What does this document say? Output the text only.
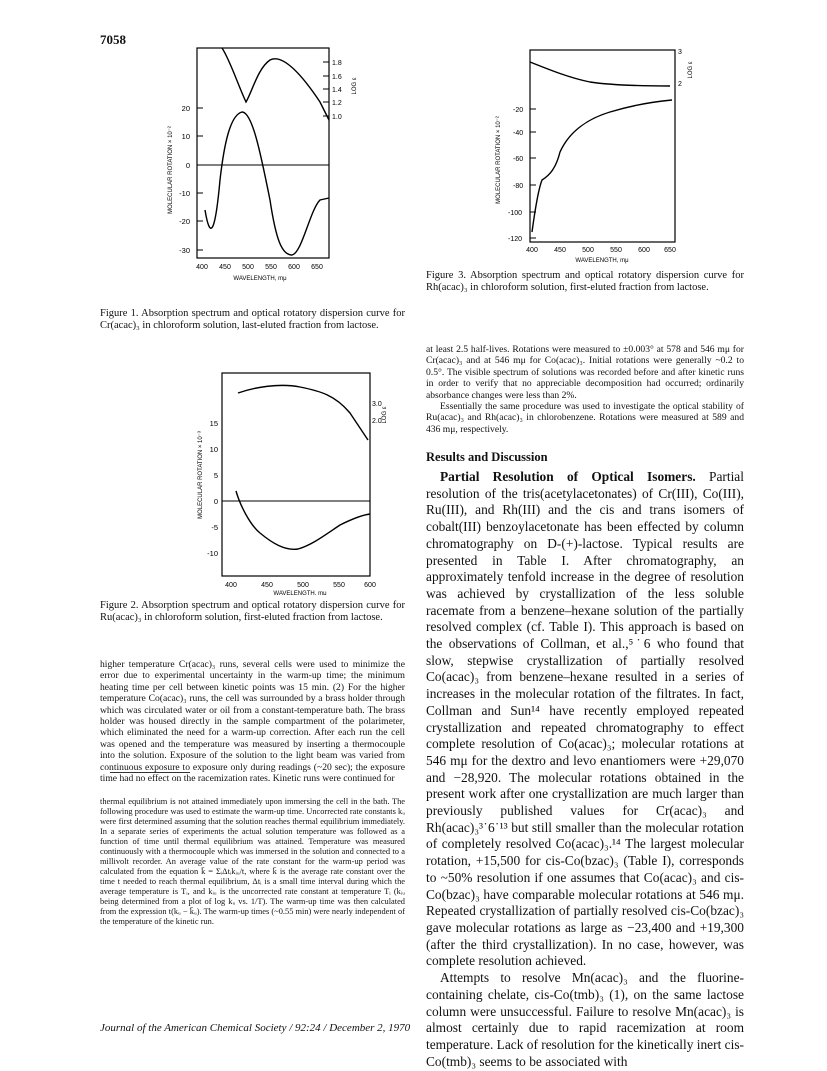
7058
20
10
0
-10
-20
-30
1.8
1.6
1.4
1.2
1.0
LOG ε
MOLECULAR ROTATION × 10⁻²
400 450 500 550 600 650
WAVELENGTH, mμ
Figure 1. Absorption spectrum and optical rotatory dispersion curve for Cr(acac)₃ in chloroform solution, last-eluted fraction from lactose.
15
10
5
0
-5
-10
3.0
2.0 LOG ε
MOLECULAR ROTATION × 10⁻³
400	450	500	550	600
WAVELENGTH, mμ
Figure 2. Absorption spectrum and optical rotatory dispersion curve for Ru(acac)₃ in chloroform solution, first-eluted fraction from lactose.
higher temperature Cr(acac)₃ runs, several cells were used to minimize the error due to experimental uncertainty in the warm-up time; the minimum heating time per cell between kinetic points was 15 min. (2) For the higher temperature Co(acac)₃ runs, the cell was surrounded by a brass holder through which was circulated water or oil from a constant-temperature bath. The brass holder was housed directly in the sample compartment of the polarimeter, which eliminated the need for a warm-up correction. After each run the cell was opened and the temperature was measured by inserting a thermocouple into the solution. Exposure of the solution to the light beam was varied from continuous exposure to exposure only during readings (~20 sec); the exposure time had no effect on the racemization rates. Kinetic runs were continued for
thermal equilibrium is not attained immediately upon immersing the cell in the bath. The following procedure was used to estimate the warm-up time. Uncorrected rate constants kᵤ were first determined assuming that the solution reaches thermal equilibrium immediately. In a separate series of experiments the actual solution temperature was followed as a function of time until thermal equilibrium was attained. Temperature was measured continuously with a thermocouple which was immersed in the solution and connected to a millivolt recorder. An average value of the rate constant for the warm-up period was calculated from the equation k̄ = ΣᵢΔtᵢkᵢᵤ/t, where k̄ is the average rate constant over the time t needed to reach thermal equilibrium, Δtᵢ is a small time interval during which the average temperature is Tᵢ, and kᵢᵤ is the uncorrected rate constant at temperature Tᵢ (kᵢᵤ being determined from a plot of log kᵤ vs. 1/T). The warm-up time was then calculated from the expression t(kᵤ − k̄ᵤ). The warm-up times (~0.55 min) were nearly independent of the temperature of the kinetic run.
-20
-40
-60
-80
-100
-120
3
2
LOG ε
MOLECULAR ROTATION × 10⁻²
400 450 500 550 600 650
WAVELENGTH, mμ
Figure 3. Absorption spectrum and optical rotatory dispersion curve for Rh(acac)₃ in chloroform solution, first-eluted fraction from lactose.

at least 2.5 half-lives. Rotations were measured to ±0.003° at 578 and 546 mμ for Cr(acac)₃ and at 546 mμ for Co(acac)₃. Initial rotations were generally ~0.2 to 0.5°. The visible spectrum of solutions was recorded before and after kinetic runs in order to verify that no appreciable decomposition had occurred; ordinarily absorbance changes were less than 2%.

Essentially the same procedure was used to investigate the optical stability of Ru(acac)₃ and Rh(acac)₃ in chlorobenzene. Rotations were measured at 589 and 436 mμ, respectively.

Results and Discussion

Partial Resolution of Optical Isomers. Partial resolution of the tris(acetylacetonates) of Cr(III), Co(III), Ru(III), and Rh(III) and the cis and trans isomers of cobalt(III) benzoylacetonate has been effected by column chromatography on D-(+)-lactose. Typical results are presented in Table I. After chromatography, an approximately tenfold increase in the degree of resolution was achieved by crystallization of the less soluble racemate from a benzene–hexane solution of the partially resolved complex (cf. Table I). This approach is based on the observations of Collman, et al.,⁵˙6 who found that slow, stepwise crystallization of partially resolved Co(acac)₃ from benzene–hexane resulted in a series of increases in the molecular rotation of the filtrates. In fact, Collman and Sun¹⁴ have recently employed repeated crystallization and repeated chromatography to effect complete resolution of Co(acac)₃; molecular rotations at 546 mμ for the dextro and levo enantiomers were +29,070 and −28,920. The molecular rotations obtained in the present work after one crystallization are much larger than previously published values for Cr(acac)₃ and Rh(acac)₃³˙6˙¹³ but still smaller than the molecular rotation of completely resolved Co(acac)₃.¹⁴ The largest molecular rotation, +15,500 for cis-Co(bzac)₃ (Table I), corresponds to ~50% resolution if one assumes that Co(acac)₃ and cis-Co(bzac)₃ have comparable molecular rotations at 546 mμ. Repeated crystallization of partially resolved cis-Co(bzac)₃ gave molecular rotations as large as −23,400 and +19,300 (after the third crystallization). In no case, however, was complete resolution achieved.

Attempts to resolve Mn(acac)₃ and the fluorine-containing chelate, cis-Co(tmb)₃ (1), on the same lactose column were unsuccessful. Failure to resolve Mn(acac)₃ is almost certainly due to rapid racemization at room temperature. Lack of resolution for the kinetically inert cis-Co(tmb)₃ seems to be associated with

Journal of the American Chemical Society / 92:24 / December 2, 1970
